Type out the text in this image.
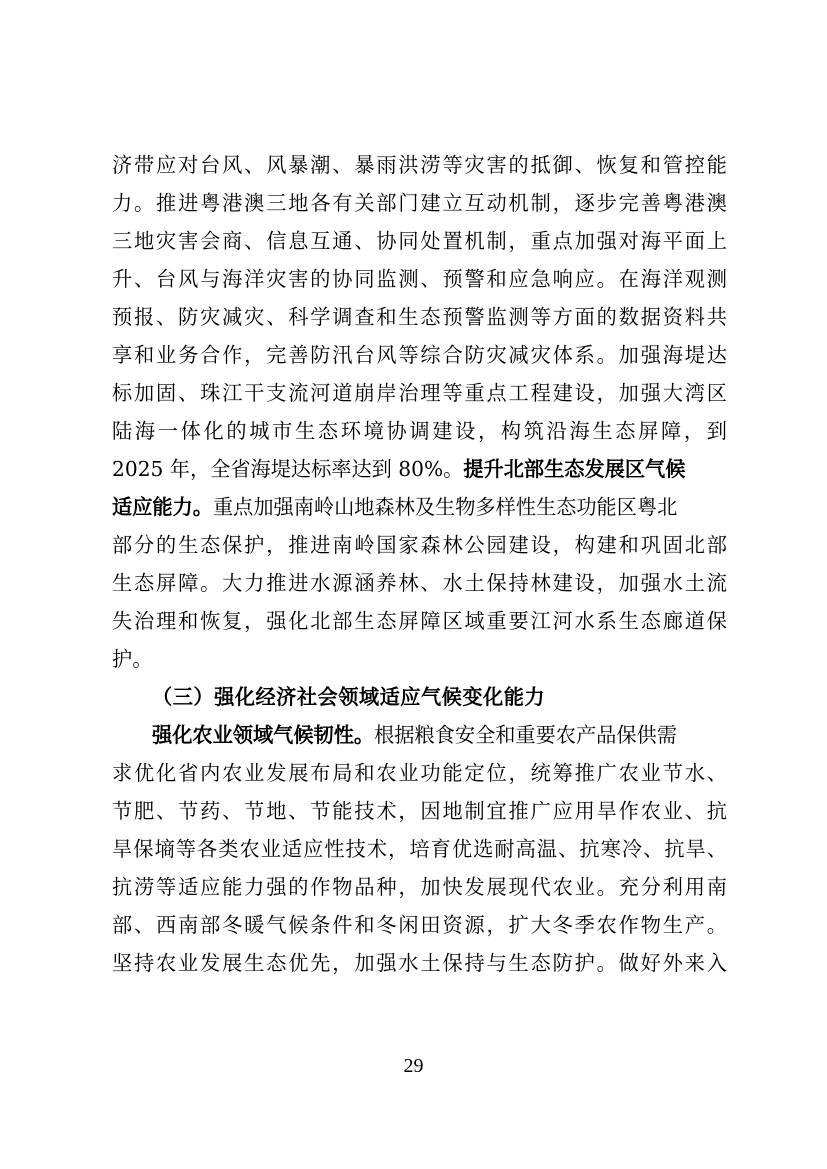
济带应对台风、风暴潮、暴雨洪涝等灾害的抵御、恢复和管控能
力。推进粤港澳三地各有关部门建立互动机制，逐步完善粤港澳
三地灾害会商、信息互通、协同处置机制，重点加强对海平面上
升、台风与海洋灾害的协同监测、预警和应急响应。在海洋观测
预报、防灾减灾、科学调查和生态预警监测等方面的数据资料共
享和业务合作，完善防汛台风等综合防灾减灾体系。加强海堤达
标加固、珠江干支流河道崩岸治理等重点工程建设，加强大湾区
陆海一体化的城市生态环境协调建设，构筑沿海生态屏障，到
2025 年，全省海堤达标率达到 80%。提升北部生态发展区气候
适应能力。重点加强南岭山地森林及生物多样性生态功能区粤北
部分的生态保护，推进南岭国家森林公园建设，构建和巩固北部
生态屏障。大力推进水源涵养林、水土保持林建设，加强水土流
失治理和恢复，强化北部生态屏障区域重要江河水系生态廊道保
护。
（三）强化经济社会领域适应气候变化能力
强化农业领域气候韧性。根据粮食安全和重要农产品保供需
求优化省内农业发展布局和农业功能定位，统筹推广农业节水、
节肥、节药、节地、节能技术，因地制宜推广应用旱作农业、抗
旱保墒等各类农业适应性技术，培育优选耐高温、抗寒冷、抗旱、
抗涝等适应能力强的作物品种，加快发展现代农业。充分利用南
部、西南部冬暖气候条件和冬闲田资源，扩大冬季农作物生产。
坚持农业发展生态优先，加强水土保持与生态防护。做好外来入
29
